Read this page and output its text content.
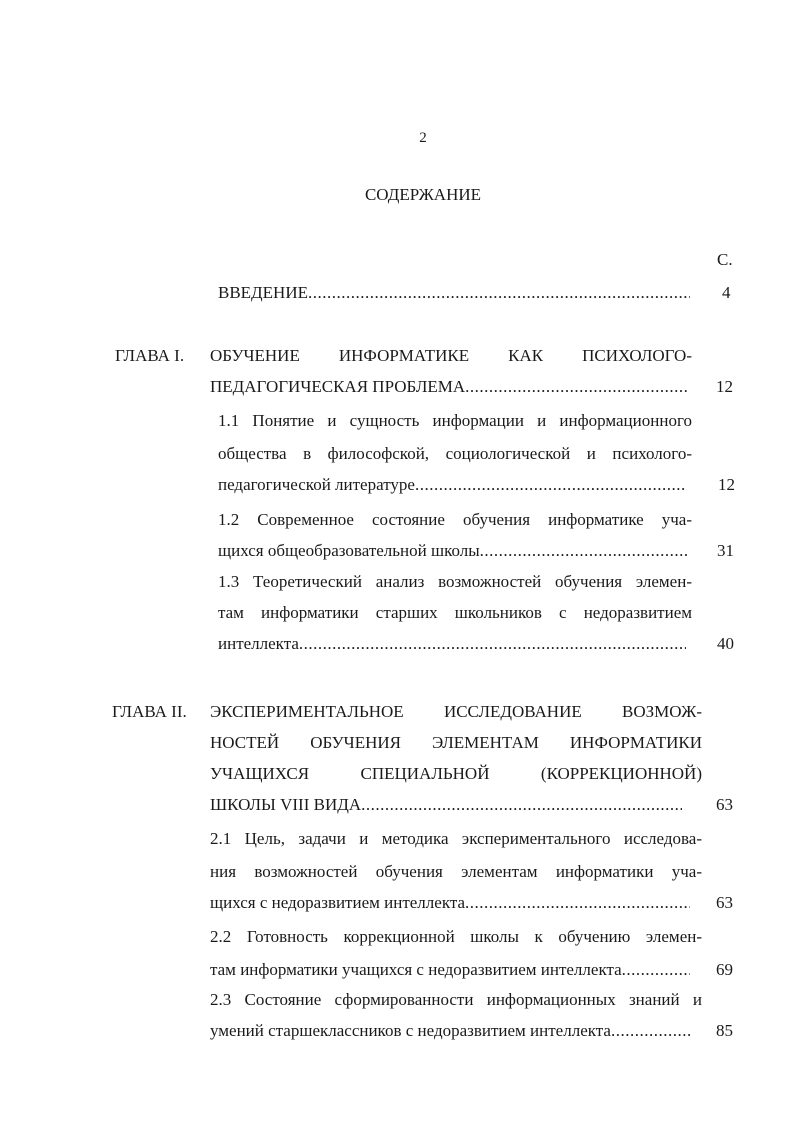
2
СОДЕРЖАНИЕ
С.
ВВЕДЕНИЕ .....	4
ГЛАВА I. ОБУЧЕНИЕ ИНФОРМАТИКЕ КАК ПСИХОЛОГО-
ПЕДАГОГИЧЕСКАЯ ПРОБЛЕМА .....	12
1.1 Понятие и сущность информации и информационного
общества в философской, социологической и психолого-
педагогической литературе .....	12
1.2 Современное состояние обучения информатике уча-
щихся общеобразовательной школы .....	31
1.3 Теоретический анализ возможностей обучения элемен-
там информатики старших школьников с недоразвитием
интеллекта .....	40
ГЛАВА II. ЭКСПЕРИМЕНТАЛЬНОЕ ИССЛЕДОВАНИЕ ВОЗМОЖ-
НОСТЕЙ ОБУЧЕНИЯ ЭЛЕМЕНТАМ ИНФОРМАТИКИ
УЧАЩИХСЯ СПЕЦИАЛЬНОЙ (КОРРЕКЦИОННОЙ)
ШКОЛЫ VIII ВИДА .....	63
2.1 Цель, задачи и методика экспериментального исследова-
ния возможностей обучения элементам информатики уча-
щихся с недоразвитием интеллекта .....	63
2.2 Готовность коррекционной школы к обучению элемен-
там информатики учащихся с недоразвитием интеллекта .....	69
2.3 Состояние сформированности информационных знаний и
умений старшеклассников с недоразвитием интеллекта .....	85
